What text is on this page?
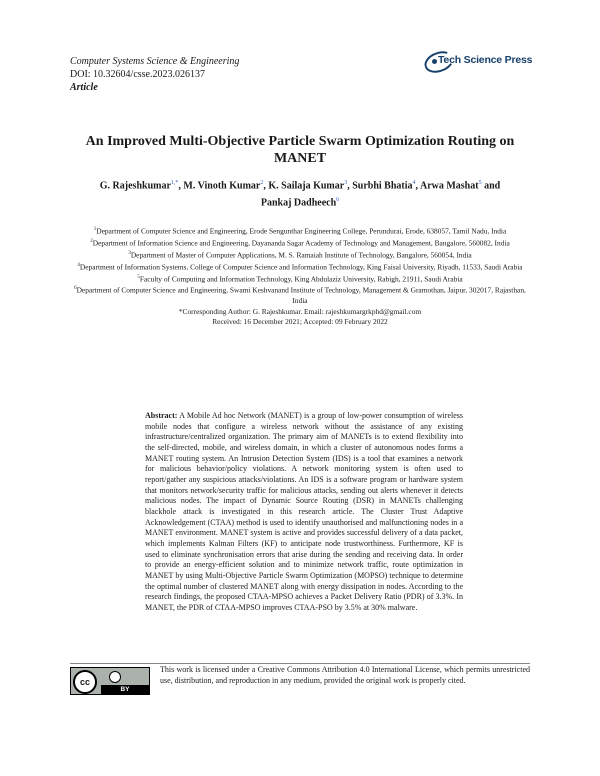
Computer Systems Science & Engineering
DOI: 10.32604/csse.2023.026137
Article
Tech Science Press
An Improved Multi-Objective Particle Swarm Optimization Routing on
MANET
G. Rajeshkumar$^{1,*}$, M. Vinoth Kumar$^2$, K. Sailaja Kumar$^3$, Surbhi Bhatia$^4$, Arwa Mashat$^5$ and
Pankaj Dadheech$^6$

$^1$Department of Computer Science and Engineering, Erode Sengunthar Engineering College, Perundurai, Erode, 638057, Tamil Nadu, India

$^2$Department of Information Science and Engineering, Dayananda Sagar Academy of Technology and Management, Bangalore, 560082, India

$^3$Department of Master of Computer Applications, M. S. Ramaiah Institute of Technology, Bangalore, 560054, India

$^4$Department of Information Systems, College of Computer Science and Information Technology, King Faisal University, Riyadh, 11533, Saudi Arabia

$^5$Faculty of Computing and Information Technology, King Abdulaziz University, Rabigh, 21911, Saudi Arabia

$^6$Department of Computer Science and Engineering, Swami Keshvanand Institute of Technology, Management & Gramothan, Jaipur, 302017, Rajasthan, India

*Corresponding Author: G. Rajeshkumar. Email: rajeshkumargrkphd@gmail.com

Received: 16 December 2021; Accepted: 09 February 2022

Abstract: A Mobile Ad hoc Network (MANET) is a group of low-power consumption of wireless mobile nodes that configure a wireless network without the assistance of any existing infrastructure/centralized organization. The primary aim of MANETs is to extend flexibility into the self-directed, mobile, and wireless domain, in which a cluster of autonomous nodes forms a MANET routing system. An Intrusion Detection System (IDS) is a tool that examines a network for malicious behavior/policy violations. A network monitoring system is often used to report/gather any suspicious attacks/violations. An IDS is a software program or hardware system that monitors network/security traffic for malicious attacks, sending out alerts whenever it detects malicious nodes. The impact of Dynamic Source Routing (DSR) in MANETs challenging blackhole attack is investigated in this research article. The Cluster Trust Adaptive Acknowledgement (CTAA) method is used to identify unauthorised and malfunctioning nodes in a MANET environment. MANET system is active and provides successful delivery of a data packet, which implements Kalman Filters (KF) to anticipate node trustworthiness. Furthermore, KF is used to eliminate synchronisation errors that arise during the sending and receiving data. In order to provide an energy-efficient solution and to minimize network traffic, route optimization in MANET by using Multi-Objective Particle Swarm Optimization (MOPSO) technique to determine the optimal number of clustered MANET along with energy dissipation in nodes. According to the research findings, the proposed CTAA-MPSO achieves a Packet Delivery Ratio (PDR) of 3.3%. In MANET, the PDR of CTAA-MPSO improves CTAA-PSO by 3.5% at 30% malware.
cc
BY
This work is licensed under a Creative Commons Attribution 4.0 International License, which permits unrestricted use, distribution, and reproduction in any medium, provided the original work is properly cited.
